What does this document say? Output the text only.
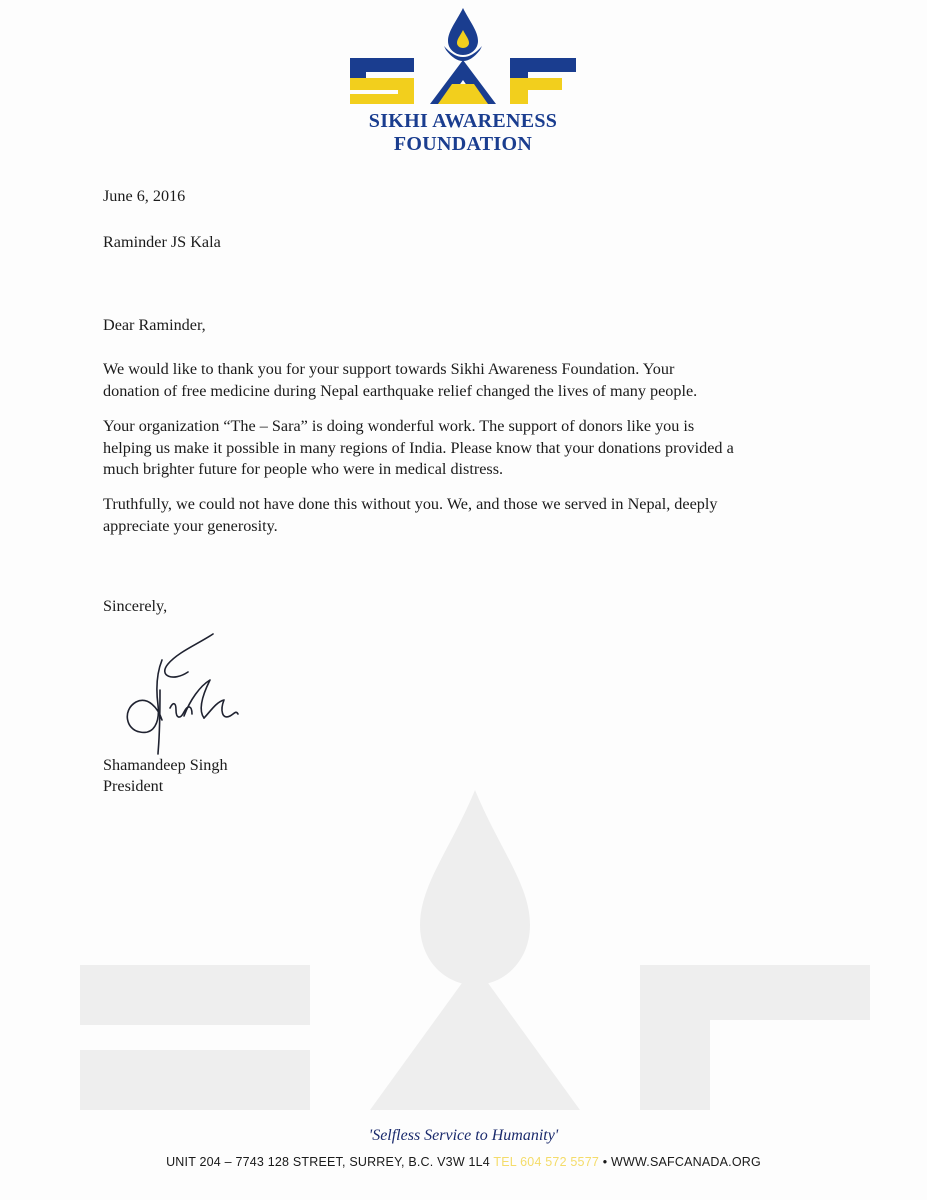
SIKHI AWARENESS
FOUNDATION
June 6, 2016
Raminder JS Kala
Dear Raminder,
We would like to thank you for your support towards Sikhi Awareness Foundation. Your
donation of free medicine during Nepal earthquake relief changed the lives of many people.
Your organization “The – Sara” is doing wonderful work. The support of donors like you is
helping us make it possible in many regions of India. Please know that your donations provided a
much brighter future for people who were in medical distress.
Truthfully, we could not have done this without you. We, and those we served in Nepal, deeply
appreciate your generosity.
Sincerely,
Shamandeep Singh
President
'Selfless Service to Humanity'
UNIT 204 – 7743 128 STREET, SURREY, B.C. V3W 1L4 TEL 604 572 5577 • WWW.SAFCANADA.ORG
